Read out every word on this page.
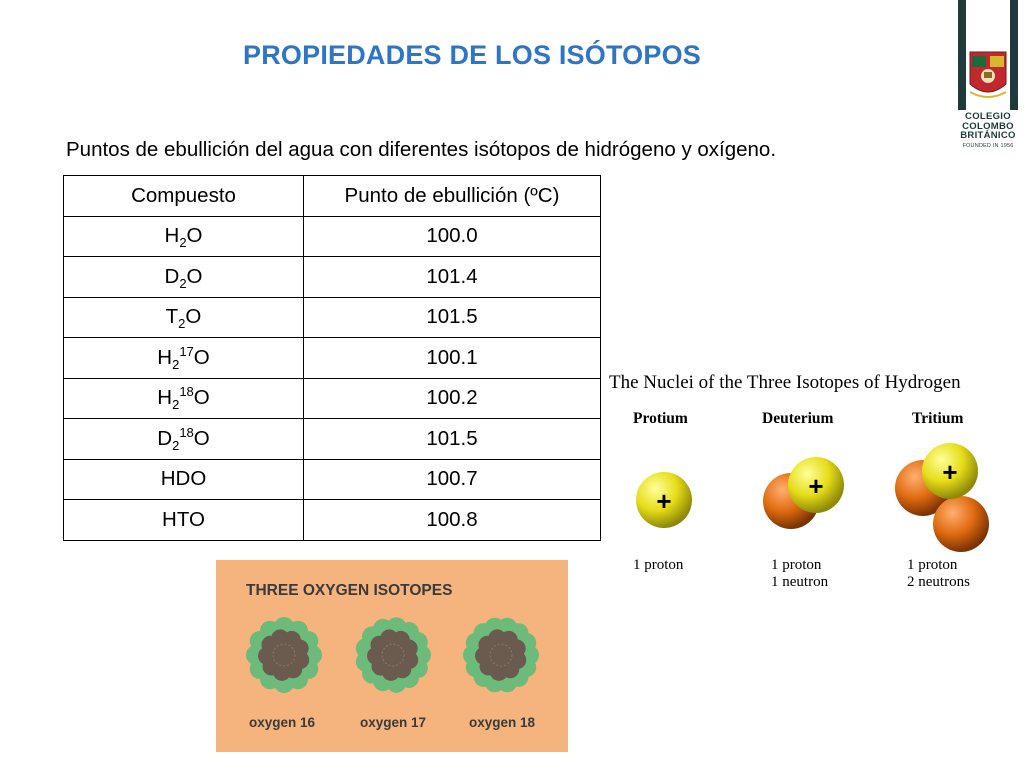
PROPIEDADES DE LOS ISÓTOPOS

Puntos de ebullición del agua con diferentes isótopos de hidrógeno y oxígeno.

COLEGIO
COLOMBO
BRITÁNICO
FOUNDED IN 1956
Compuesto	Punto de ebullición (ºC)
$H_2O$	100.0
$D_2O$	101.4
$T_2O$	101.5
$H_2^{17}O$	100.1
$H_2^{18}O$	100.2
$D_2^{18}O$	101.5
HDO	100.7
HTO	100.8
The Nuclei of the Three Isotopes of Hydrogen
Protium	Deuterium	Tritium
+	+	+
1 proton	1 proton
1 neutron
1 proton
2 neutrons
THREE OXYGEN ISOTOPES
oxygen 16	oxygen 17	oxygen 18
